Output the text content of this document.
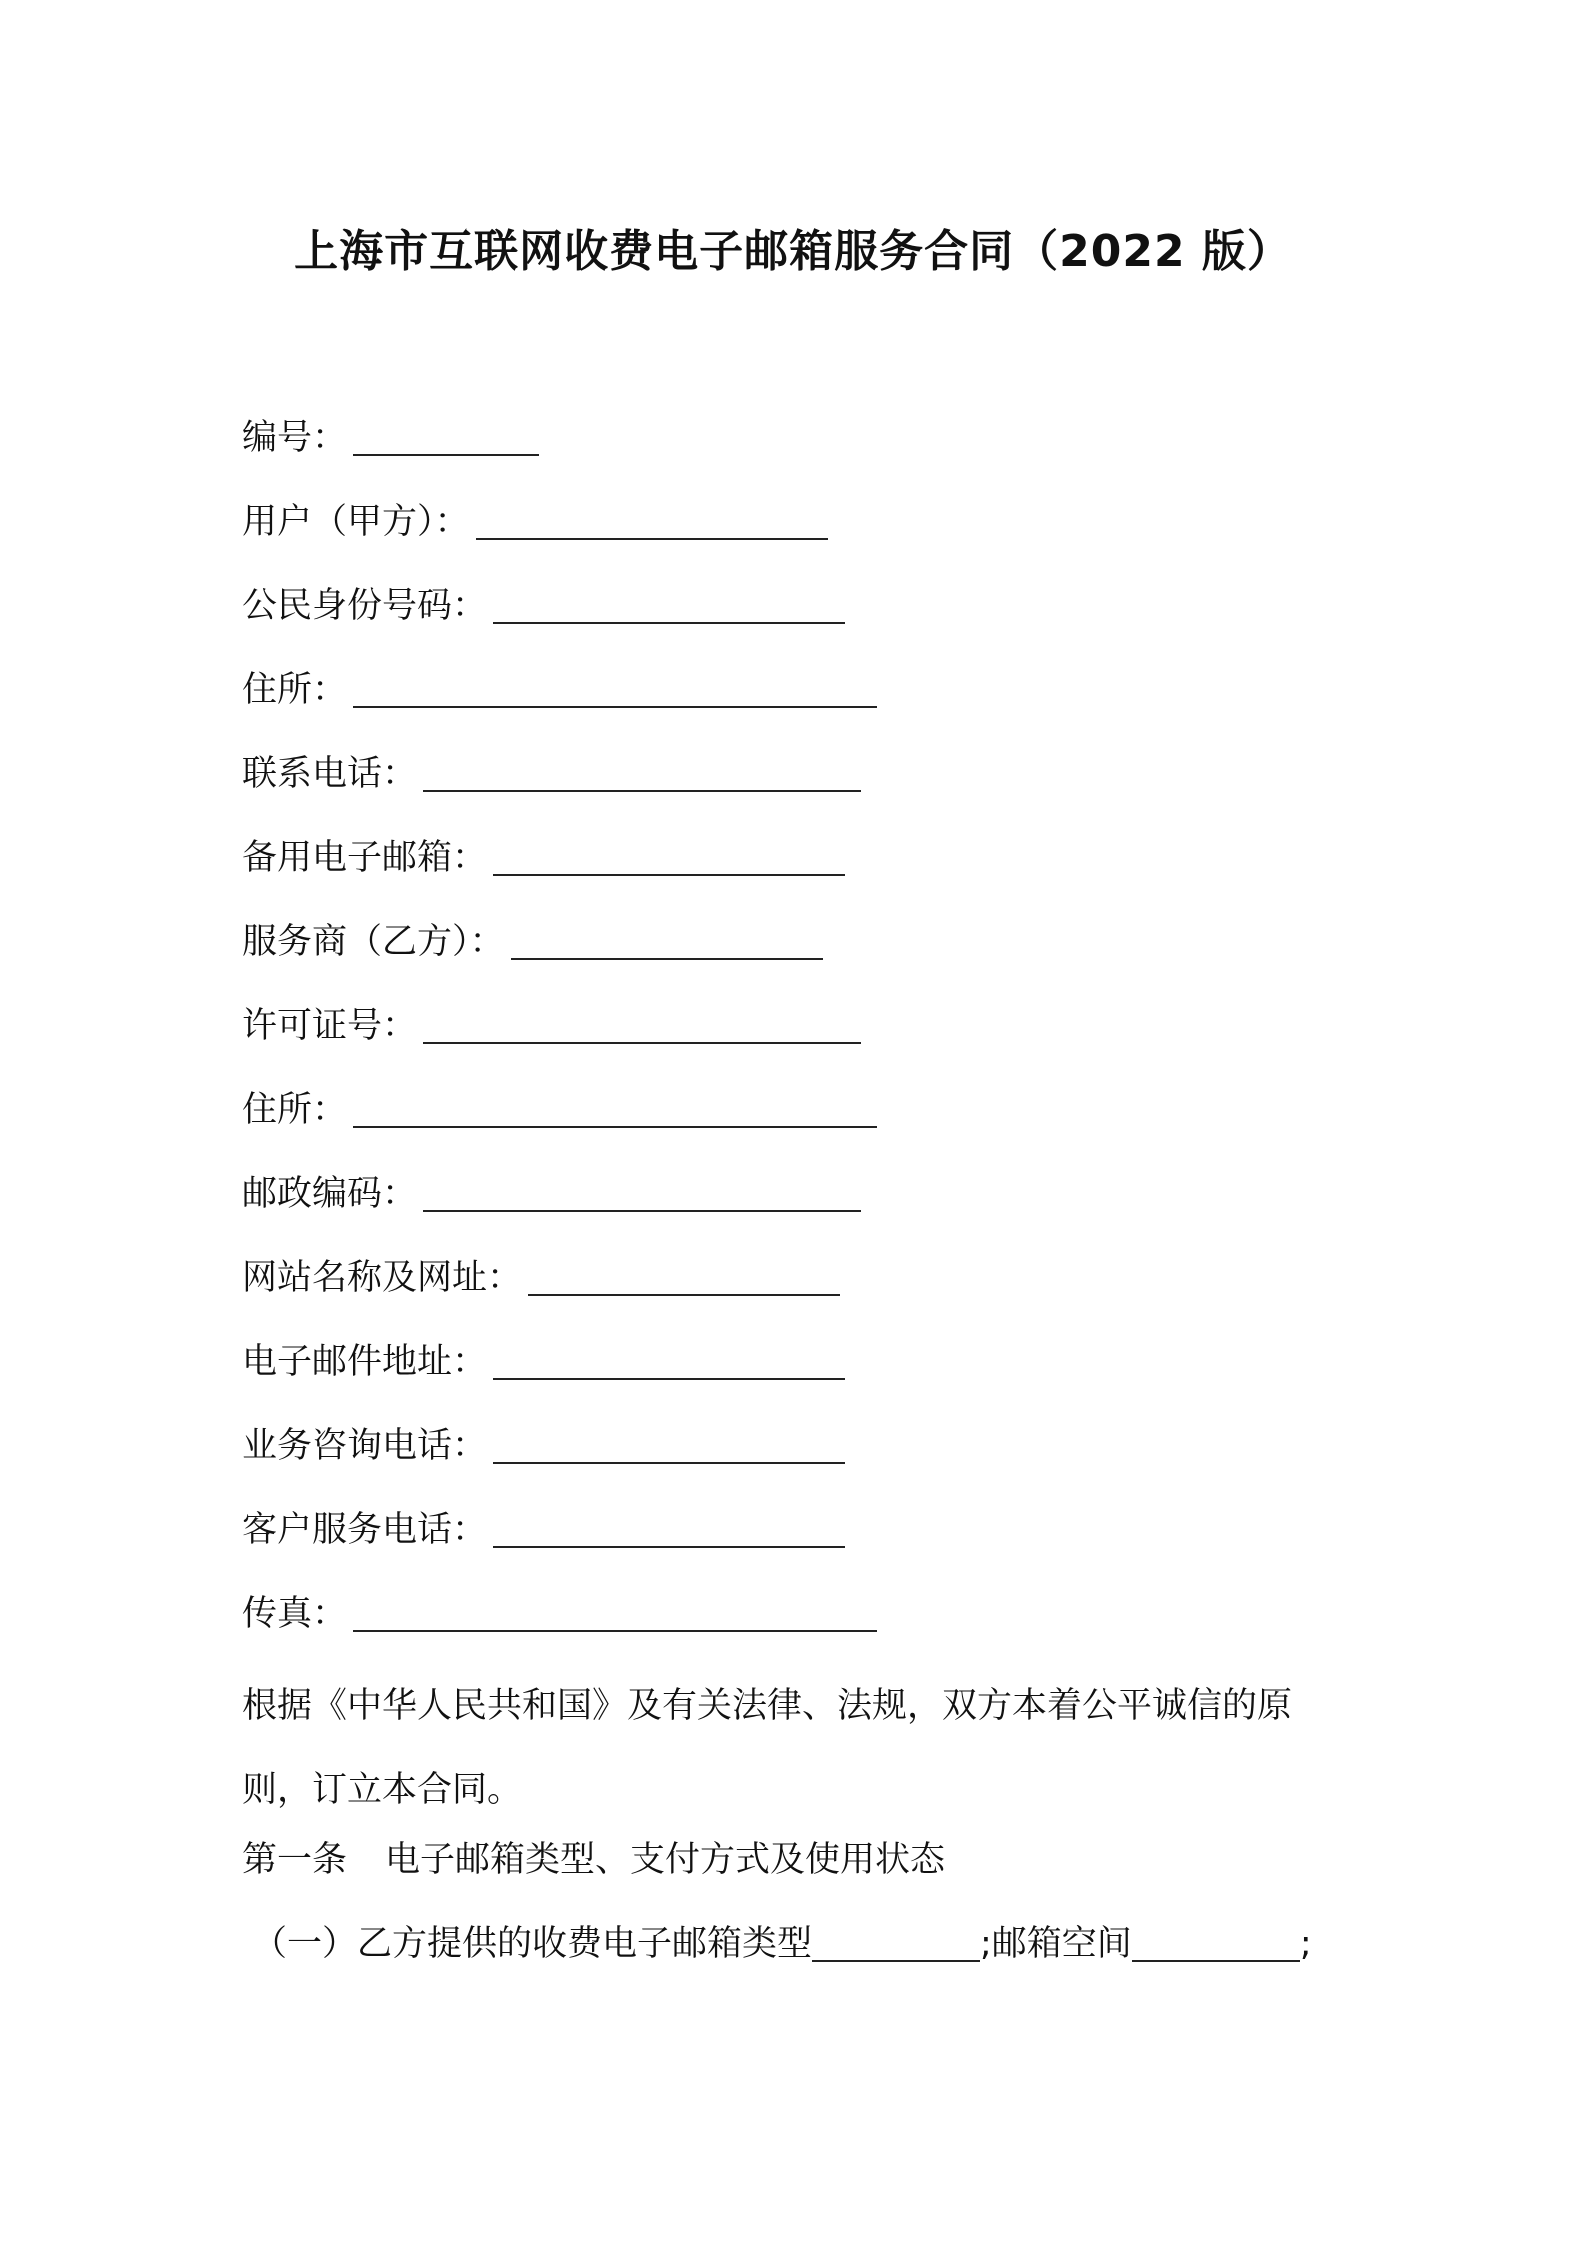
上海市互联网收费电子邮箱服务合同（2022 版）
编号：
用户（甲方）：
公民身份号码：
住所：
联系电话：
备用电子邮箱：
服务商（乙方）：
许可证号：
住所：
邮政编码：
网站名称及网址：
电子邮件地址：
业务咨询电话：
客户服务电话：
传真：
根据《中华人民共和国》及有关法律、法规，双方本着公平诚信的原
则，订立本合同。
第一条 电子邮箱类型、支付方式及使用状态
（一）乙方提供的收费电子邮箱类型	;邮箱空间	;
